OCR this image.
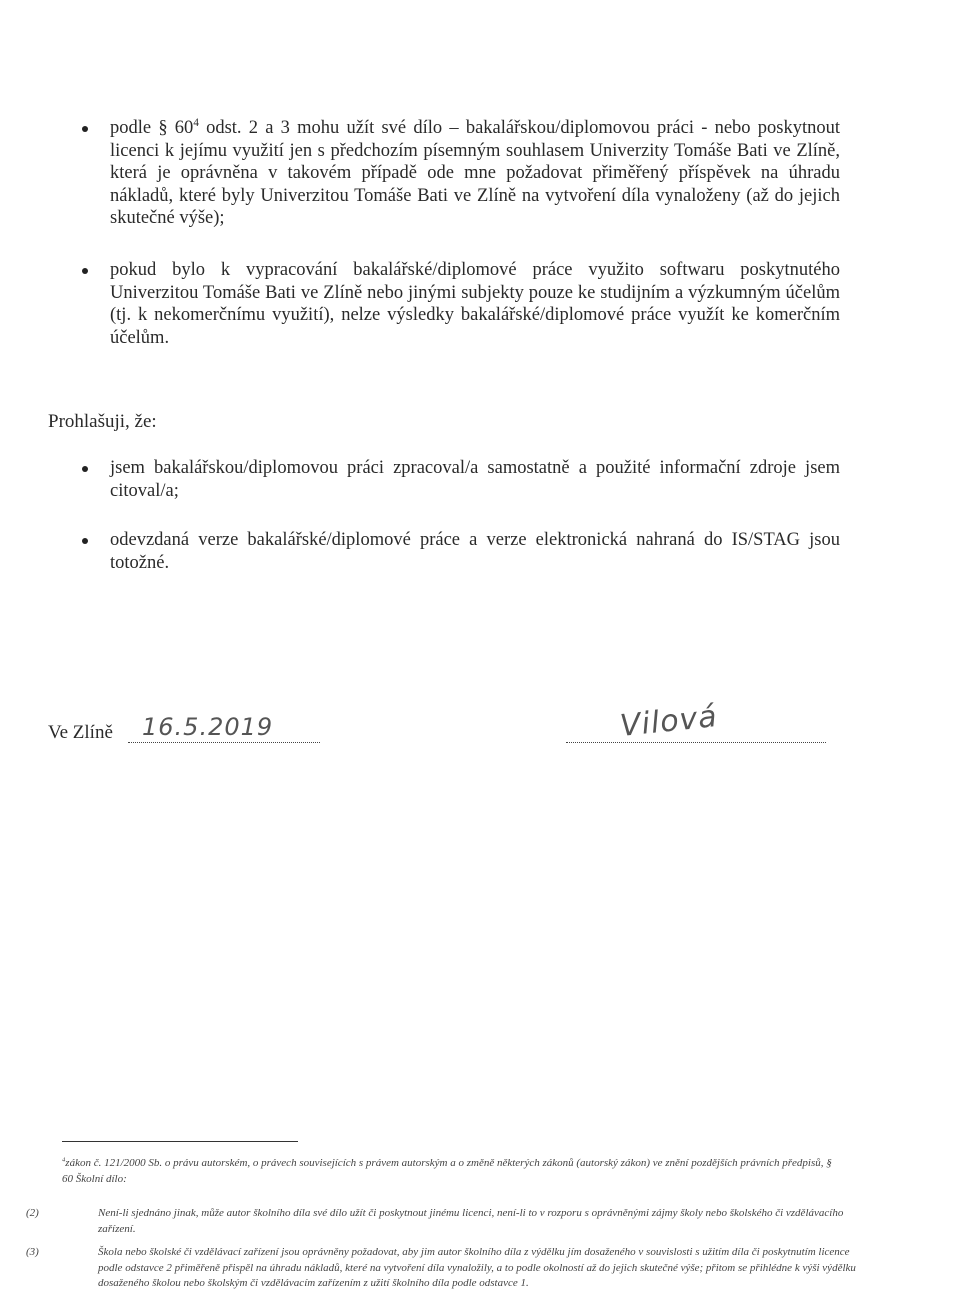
podle § $60^4$ odst. 2 a 3 mohu užít své dílo – bakalářskou/diplomovou práci - nebo poskytnout licenci k jejímu využití jen s předchozím písemným souhlasem Univerzity Tomáše Bati ve Zlíně, která je oprávněna v takovém případě ode mne požadovat přiměřený příspěvek na úhradu nákladů, které byly Univerzitou Tomáše Bati ve Zlíně na vytvoření díla vynaloženy (až do jejich skutečné výše);
pokud bylo k vypracování bakalářské/diplomové práce využito softwaru poskytnutého Univerzitou Tomáše Bati ve Zlíně nebo jinými subjekty pouze ke studijním a výzkumným účelům (tj. k nekomerčnímu využití), nelze výsledky bakalářské/diplomové práce využít ke komerčním účelům.
Prohlašuji, že:
jsem bakalářskou/diplomovou práci zpracoval/a samostatně a použité informační zdroje jsem citoval/a;
odevzdaná verze bakalářské/diplomové práce a verze elektronická nahraná do IS/STAG jsou totožné.
Ve Zlíně 16.5.2019	Vilová
$^4$zákon č. 121/2000 Sb. o právu autorském, o právech souvisejících s právem autorským a o změně některých zákonů (autorský zákon) ve znění pozdějších právních předpisů, § 60 Školní dílo:
(2)	Není-li sjednáno jinak, může autor školního díla své dílo užít či poskytnout jinému licenci, není-li to v rozporu s oprávněnými zájmy školy nebo školského či vzdělávacího zařízení.
(3)	Škola nebo školské či vzdělávací zařízení jsou oprávněny požadovat, aby jim autor školního díla z výdělku jím dosaženého v souvislosti s užitím díla či poskytnutím licence podle odstavce 2 přiměřeně přispěl na úhradu nákladů, které na vytvoření díla vynaložily, a to podle okolností až do jejich skutečné výše; přitom se přihlédne k výši výdělku dosaženého školou nebo školským či vzdělávacím zařízením z užití školního díla podle odstavce 1.
